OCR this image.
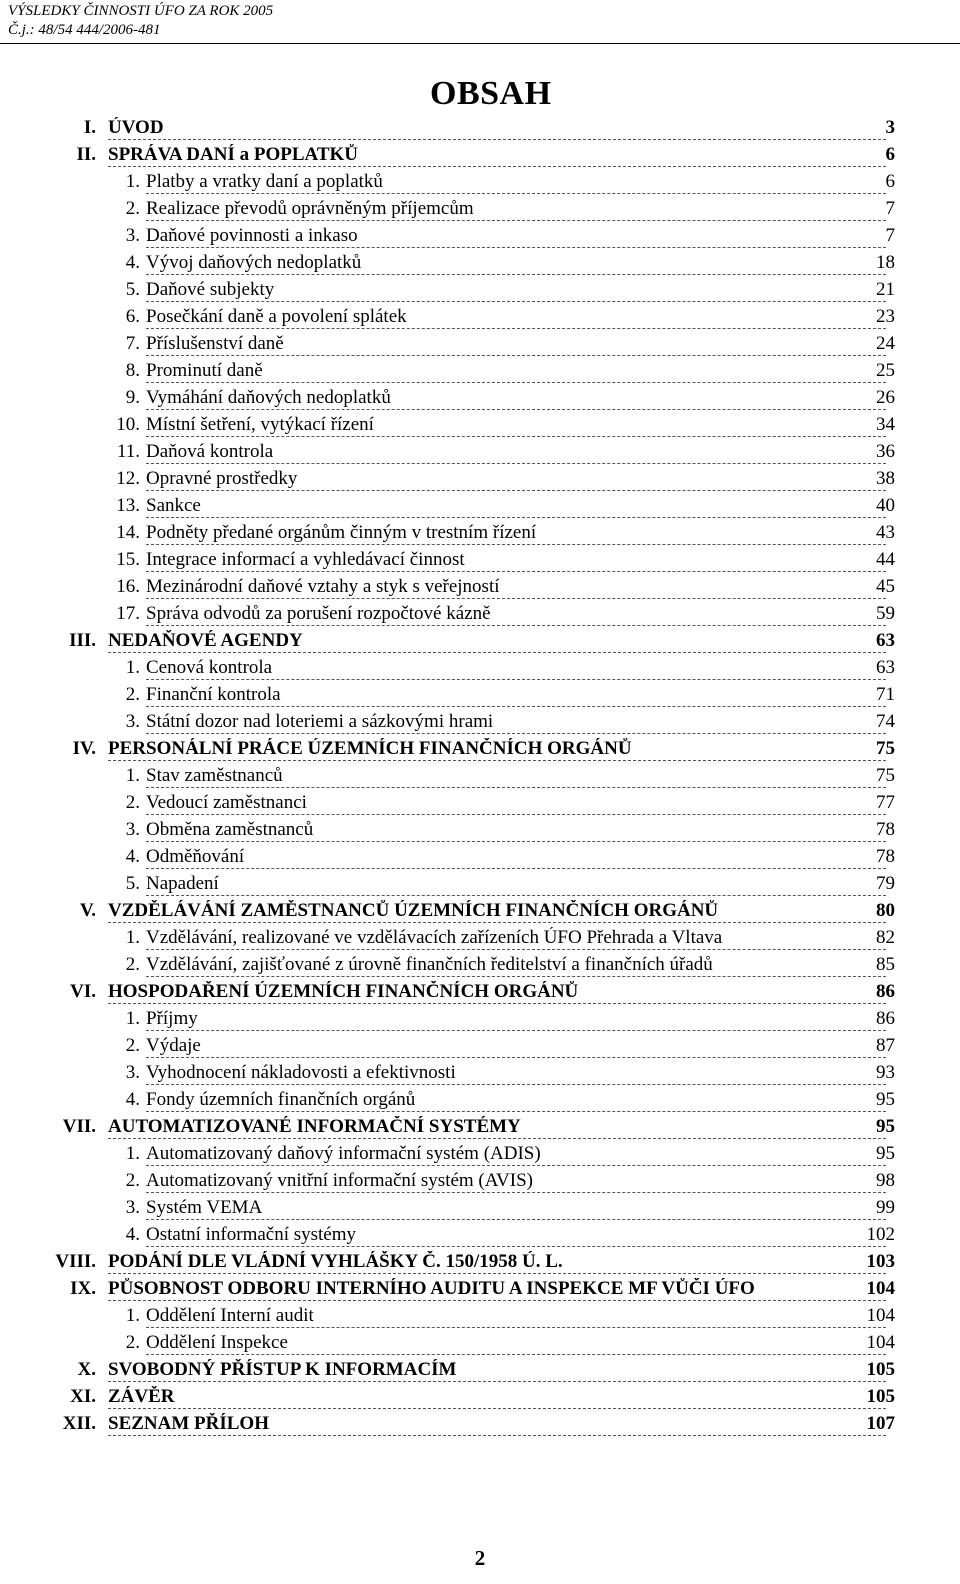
VÝSLEDKY ČINNOSTI ÚFO ZA ROK 2005
Č.j.: 48/54 444/2006-481
OBSAH
I. ÚVOD	3
II. SPRÁVA DANÍ a POPLATKŮ	6
1. Platby a vratky daní a poplatků	6
2. Realizace převodů oprávněným příjemcům	7
3. Daňové povinnosti a inkaso	7
4. Vývoj daňových nedoplatků	18
5. Daňové subjekty	21
6. Posečkání daně a povolení splátek	23
7. Příslušenství daně	24
8. Prominutí daně	25
9. Vymáhání daňových nedoplatků	26
10. Místní šetření, vytýkací řízení	34
11. Daňová kontrola	36
12. Opravné prostředky	38
13. Sankce	40
14. Podněty předané orgánům činným v trestním řízení	43
15. Integrace informací a vyhledávací činnost	44
16. Mezinárodní daňové vztahy a styk s veřejností	45
17. Správa odvodů za porušení rozpočtové kázně	59
III. NEDAŇOVÉ AGENDY	63
1. Cenová kontrola	63
2. Finanční kontrola	71
3. Státní dozor nad loteriemi a sázkovými hrami	74
IV. PERSONÁLNÍ PRÁCE ÚZEMNÍCH FINANČNÍCH ORGÁNŮ	75
1. Stav zaměstnanců	75
2. Vedoucí zaměstnanci	77
3. Obměna zaměstnanců	78
4. Odměňování	78
5. Napadení	79
V. VZDĚLÁVÁNÍ ZAMĚSTNANCŮ ÚZEMNÍCH FINANČNÍCH ORGÁNŮ	80
1. Vzdělávání, realizované ve vzdělávacích zařízeních ÚFO Přehrada a Vltava	82
2. Vzdělávání, zajišťované z úrovně finančních ředitelství a finančních úřadů	85
VI. HOSPODAŘENÍ ÚZEMNÍCH FINANČNÍCH ORGÁNŮ	86
1. Příjmy	86
2. Výdaje	87
3. Vyhodnocení nákladovosti a efektivnosti	93
4. Fondy územních finančních orgánů	95
VII. AUTOMATIZOVANÉ INFORMAČNÍ SYSTÉMY	95
1. Automatizovaný daňový informační systém (ADIS)	95
2. Automatizovaný vnitřní informační systém (AVIS)	98
3. Systém VEMA	99
4. Ostatní informační systémy	102
VIII. PODÁNÍ DLE VLÁDNÍ VYHLÁŠKY Č. 150/1958 Ú. L.	103
IX. PŮSOBNOST ODBORU INTERNÍHO AUDITU A INSPEKCE MF VŮČI ÚFO	104
1. Oddělení Interní audit	104
2. Oddělení Inspekce	104
X. SVOBODNÝ PŘÍSTUP K INFORMACÍM	105
XI. ZÁVĚR	105
XII. SEZNAM PŘÍLOH	107
2
